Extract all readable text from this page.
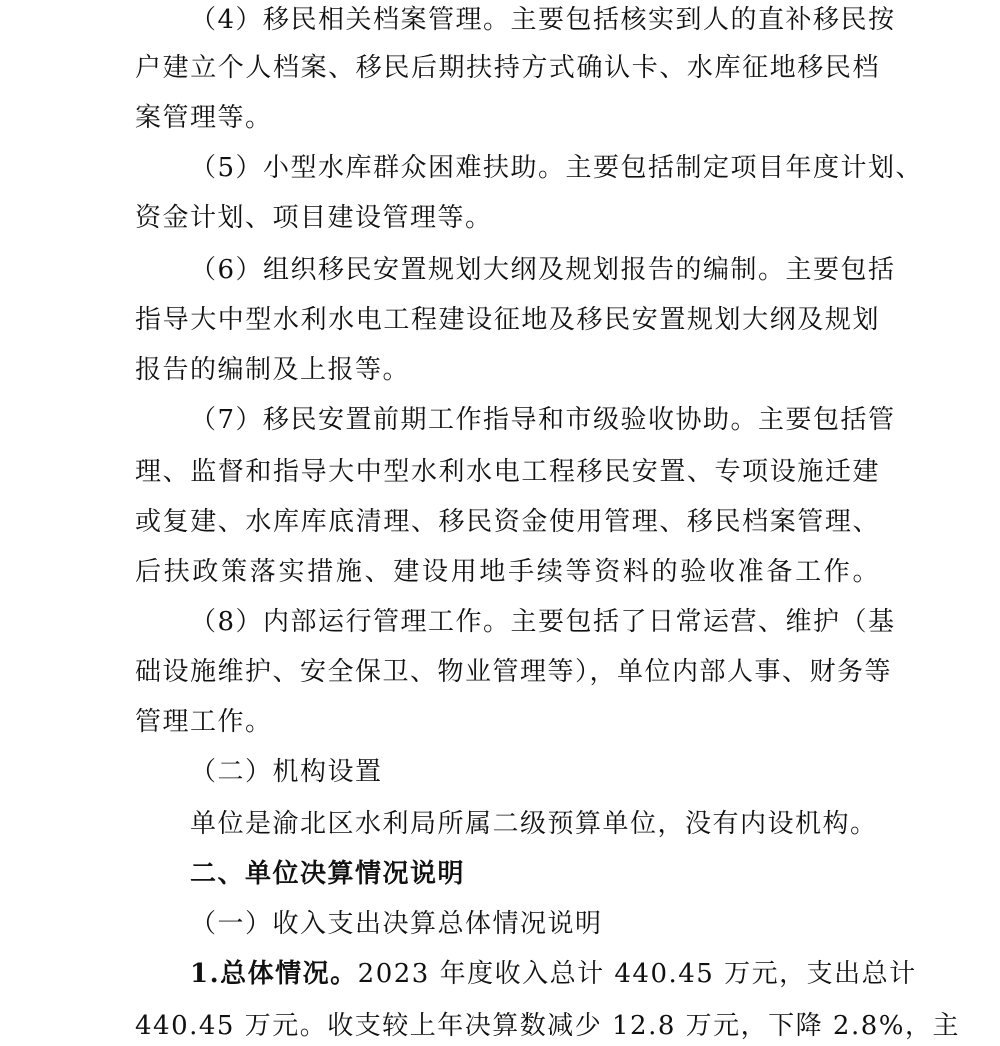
（4）移民相关档案管理。主要包括核实到人的直补移民按
户建立个人档案、移民后期扶持方式确认卡、水库征地移民档
案管理等。
（5）小型水库群众困难扶助。主要包括制定项目年度计划、
资金计划、项目建设管理等。
（6）组织移民安置规划大纲及规划报告的编制。主要包括
指导大中型水利水电工程建设征地及移民安置规划大纲及规划
报告的编制及上报等。
（7）移民安置前期工作指导和市级验收协助。主要包括管
理、监督和指导大中型水利水电工程移民安置、专项设施迁建
或复建、水库库底清理、移民资金使用管理、移民档案管理、
后扶政策落实措施、建设用地手续等资料的验收准备工作。
（8）内部运行管理工作。主要包括了日常运营、维护（基
础设施维护、安全保卫、物业管理等），单位内部人事、财务等
管理工作。
（二）机构设置
单位是渝北区水利局所属二级预算单位，没有内设机构。
二、单位决算情况说明
（一）收入支出决算总体情况说明
1.总体情况。2023 年度收入总计 440.45 万元，支出总计
440.45 万元。收支较上年决算数减少 12.8 万元，下降 2.8%，主
